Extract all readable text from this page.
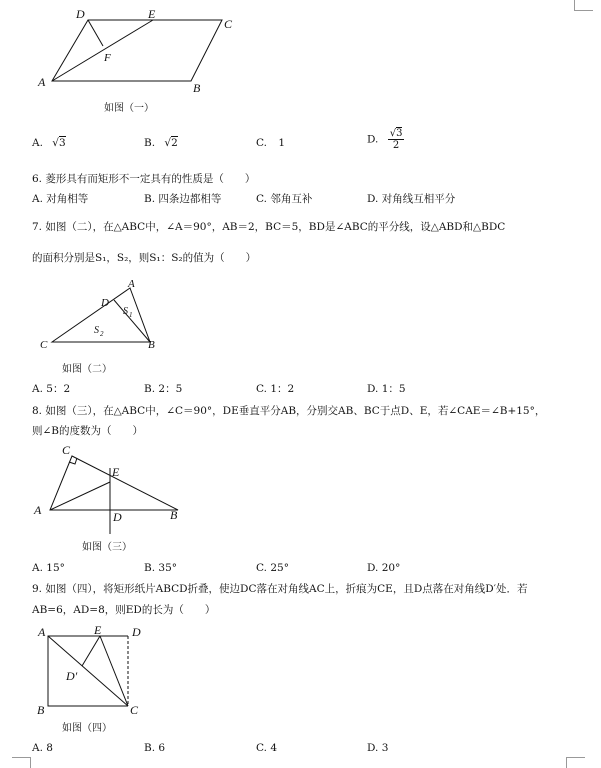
D	E
C
F
A	B
如图（一）
A. √3	B. √2	C. 1	D. $\frac{√3}{2}$
6. 菱形具有而矩形不一定具有的性质是（　　）
A. 对角相等	B. 四条边都相等	C. 邻角互补	D. 对角线互相平分
7. 如图（二），在△ABC中，∠A＝90°，AB＝2，BC＝5，BD是∠ABC的平分线，设△ABD和△BDC
的面积分别是S₁，S₂，则S₁：S₂的值为（　　）
A
D
S 1
S 2
C	B
如图（二）
A. 5：2	B. 2：5	C. 1：2	D. 1：5
8. 如图（三），在△ABC中，∠C＝90°，DE垂直平分AB，分别交AB、BC于点D、E，若∠CAE＝∠B+15°，
则∠B的度数为（　　）
C
E
A	D	B
如图（三）
A. 15°	B. 35°	C. 25°	D. 20°
9. 如图（四），将矩形纸片ABCD折叠，使边DC落在对角线AC上，折痕为CE，且D点落在对角线D′处．若
AB=6，AD=8，则ED的长为（　　）
A	E	D
D′
B	C
如图（四）
A. 8	B. 6	C. 4	D. 3
